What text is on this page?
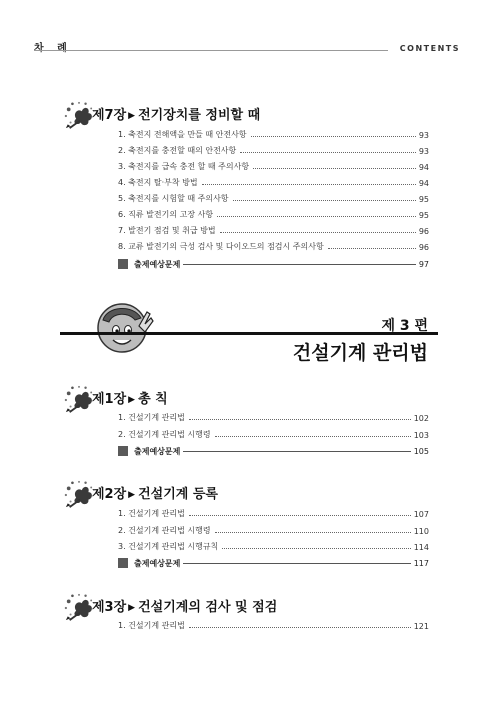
차 례	CONTENTS
제7장 ▶ 전기장치를 정비할 때
1. 축전지 전해액을 만들 때 안전사항	93
2. 축전지를 충전할 때의 안전사항	93
3. 축전지를 급속 충전 할 때 주의사항	94
4. 축전지 탈·부착 방법	94
5. 축전지를 시험할 때 주의사항	95
6. 직류 발전기의 고장 사항	95
7. 발전기 점검 및 취급 방법	96
8. 교류 발전기의 극성 검사 및 다이오드의 점검시 주의사항	96
출제예상문제	97
제 3 편
건설기계 관리법
제1장 ▶ 총 칙
1. 건설기계 관리법	102
2. 건설기계 관리법 시행령	103
출제예상문제	105
제2장 ▶ 건설기계 등록
1. 건설기계 관리법	107
2. 건설기계 관리법 시행령	110
3. 건설기계 관리법 시행규칙	114
출제예상문제	117
제3장 ▶ 건설기계의 검사 및 점검
1. 건설기계 관리법	121
